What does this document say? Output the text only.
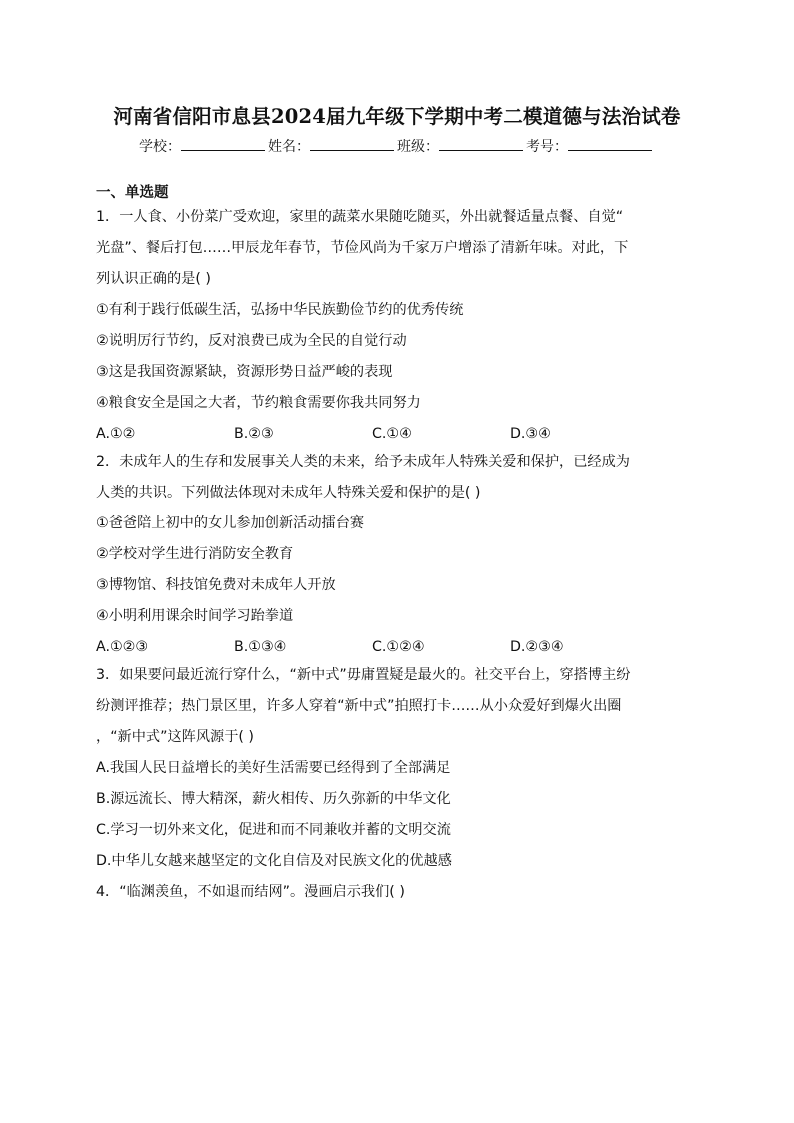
河南省信阳市息县2024届九年级下学期中考二模道德与法治试卷
学校：	姓名：	班级：	考号：
一、单选题
1．一人食、小份菜广受欢迎，家里的蔬菜水果随吃随买，外出就餐适量点餐、自觉“
光盘”、餐后打包……甲辰龙年春节，节俭风尚为千家万户增添了清新年味。对此，下
列认识正确的是( )
①有利于践行低碳生活，弘扬中华民族勤俭节约的优秀传统
②说明厉行节约，反对浪费已成为全民的自觉行动
③这是我国资源紧缺，资源形势日益严峻的表现
④粮食安全是国之大者，节约粮食需要你我共同努力
A.①②	B.②③	C.①④	D.③④
2．未成年人的生存和发展事关人类的未来，给予未成年人特殊关爱和保护，已经成为
人类的共识。下列做法体现对未成年人特殊关爱和保护的是( )
①爸爸陪上初中的女儿参加创新活动擂台赛
②学校对学生进行消防安全教育
③博物馆、科技馆免费对未成年人开放
④小明利用课余时间学习跆拳道
A.①②③	B.①③④	C.①②④	D.②③④
3．如果要问最近流行穿什么，“新中式”毋庸置疑是最火的。社交平台上，穿搭博主纷
纷测评推荐；热门景区里，许多人穿着“新中式”拍照打卡……从小众爱好到爆火出圈
，“新中式”这阵风源于( )
A.我国人民日益增长的美好生活需要已经得到了全部满足
B.源远流长、博大精深，薪火相传、历久弥新的中华文化
C.学习一切外来文化，促进和而不同兼收并蓄的文明交流
D.中华儿女越来越坚定的文化自信及对民族文化的优越感
4．“临渊羡鱼，不如退而结网”。漫画启示我们( )
